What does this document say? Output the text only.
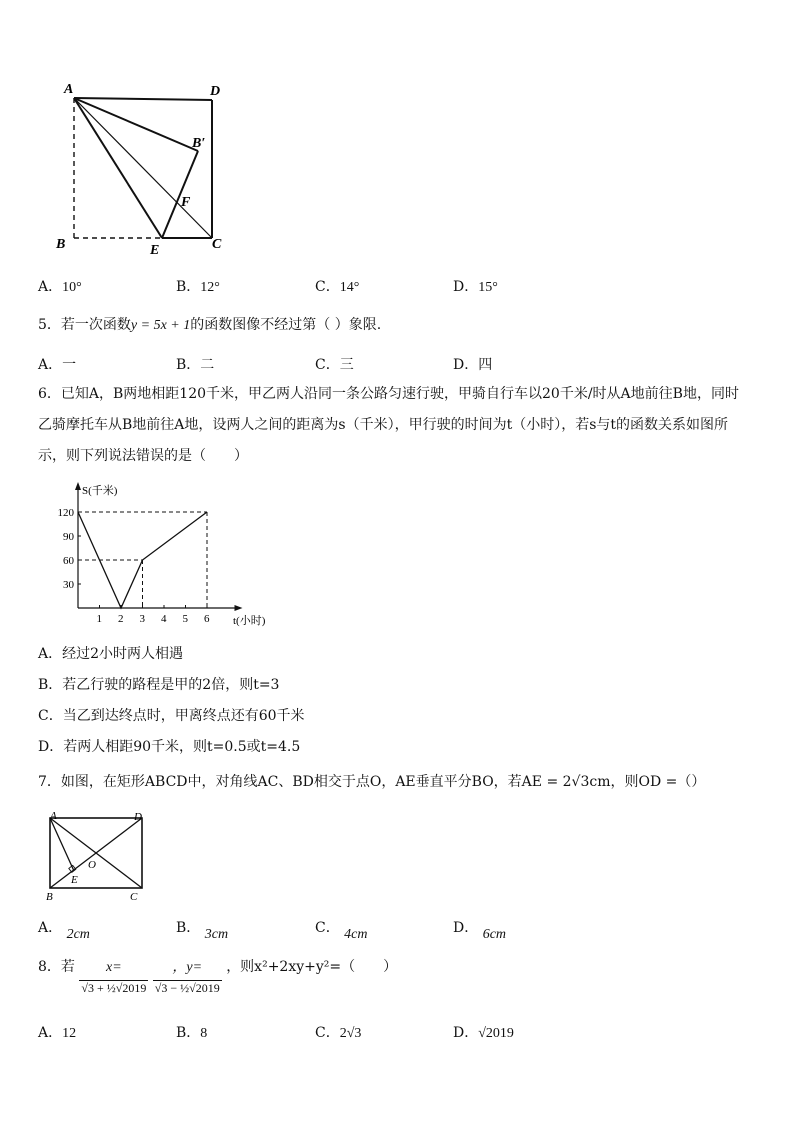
A	D
B′
F
B	E	C
A．10°	B．12°	C．14°	D．15°
5．若一次函数y = 5x + 1的函数图像不经过第（ ）象限.
A．一	B．二	C．三	D．四
6．已知A，B两地相距120千米，甲乙两人沿同一条公路匀速行驶，甲骑自行车以20千米/时从A地前往B地，同时
乙骑摩托车从B地前往A地，设两人之间的距离为s（千米），甲行驶的时间为t（小时），若s与t的函数关系如图所
示，则下列说法错误的是（　　）
1 2 3 4 5 6
30
60
90
120
S(千米)
t(小时)
A．经过2小时两人相遇
B．若乙行驶的路程是甲的2倍，则t=3
C．当乙到达终点时，甲离终点还有60千米
D．若两人相距90千米，则t=0.5或t=4.5
7．如图，在矩形ABCD中，对角线AC、BD相交于点O，AE垂直平分BO，若AE = 2√3cm，则OD =（）
A	D
O
E
B	C
A． 2cm	B． 3cm	C． 4cm	D． 6cm
8．若 $\frac{x=}{\text{√3 + ½√2019}} \frac{,y=}{\text{√3 − ½√2019}}$ ，则x²+2xy+y²=（　　）
A．12	B．8	C．2√3	D．√2019
